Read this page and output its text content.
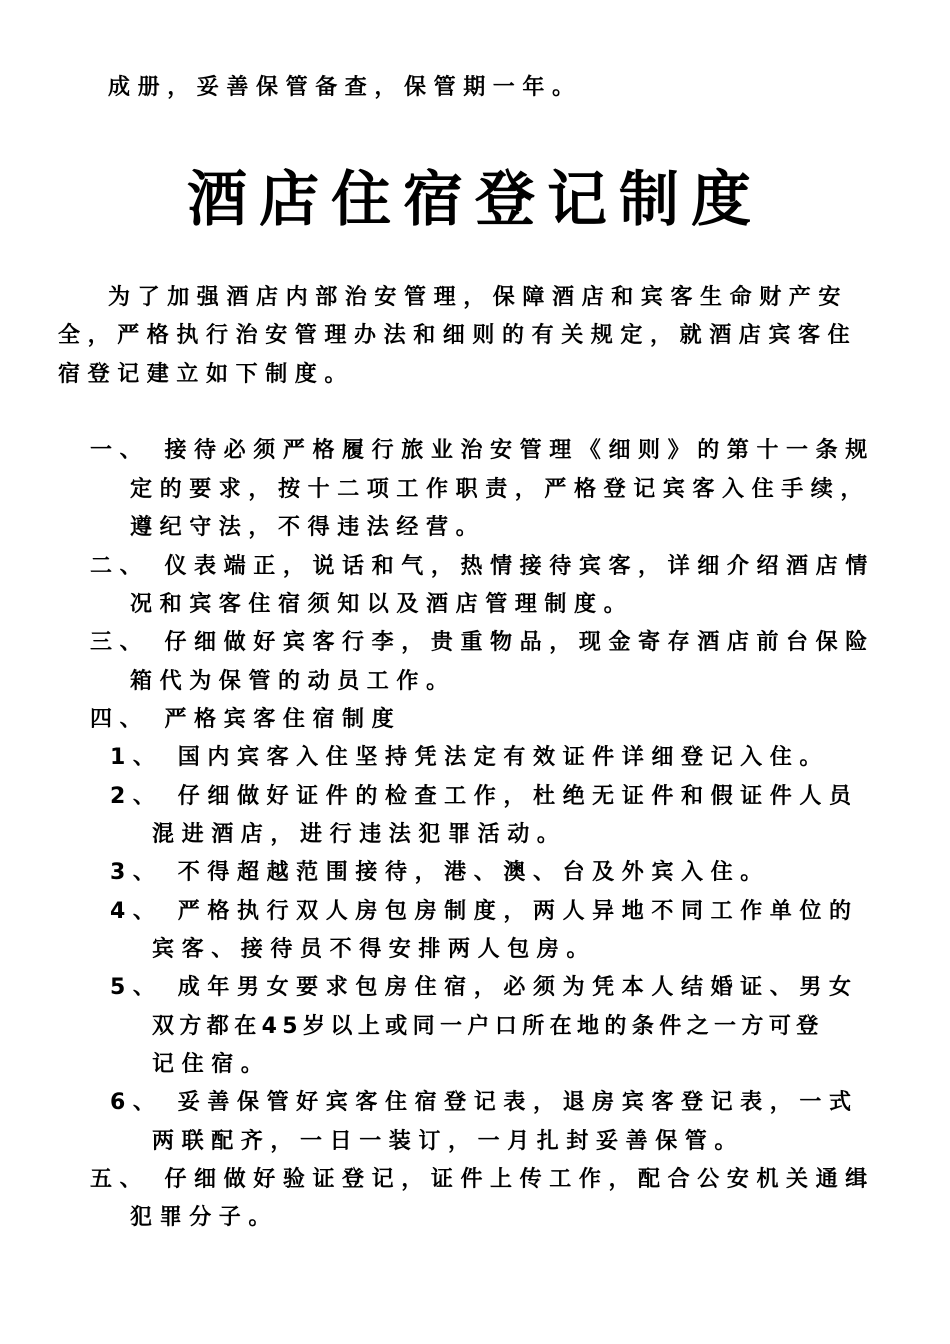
成册，妥善保管备查，保管期一年。

酒店住宿登记制度

为了加强酒店内部治安管理，保障酒店和宾客生命财产安

全，严格执行治安管理办法和细则的有关规定，就酒店宾客住

宿登记建立如下制度。

一、 接待必须严格履行旅业治安管理《细则》的第十一条规

定的要求，按十二项工作职责，严格登记宾客入住手续，

遵纪守法，不得违法经营。

二、 仪表端正，说话和气，热情接待宾客，详细介绍酒店情

况和宾客住宿须知以及酒店管理制度。

三、 仔细做好宾客行李，贵重物品，现金寄存酒店前台保险

箱代为保管的动员工作。

四、 严格宾客住宿制度

1、 国内宾客入住坚持凭法定有效证件详细登记入住。

2、 仔细做好证件的检查工作，杜绝无证件和假证件人员

混进酒店，进行违法犯罪活动。

3、 不得超越范围接待，港、澳、台及外宾入住。

4、 严格执行双人房包房制度，两人异地不同工作单位的

宾客、接待员不得安排两人包房。

5、 成年男女要求包房住宿，必须为凭本人结婚证、男女

双方都在45岁以上或同一户口所在地的条件之一方可登

记住宿。

6、 妥善保管好宾客住宿登记表，退房宾客登记表，一式

两联配齐，一日一装订，一月扎封妥善保管。

五、 仔细做好验证登记，证件上传工作，配合公安机关通缉

犯罪分子。
